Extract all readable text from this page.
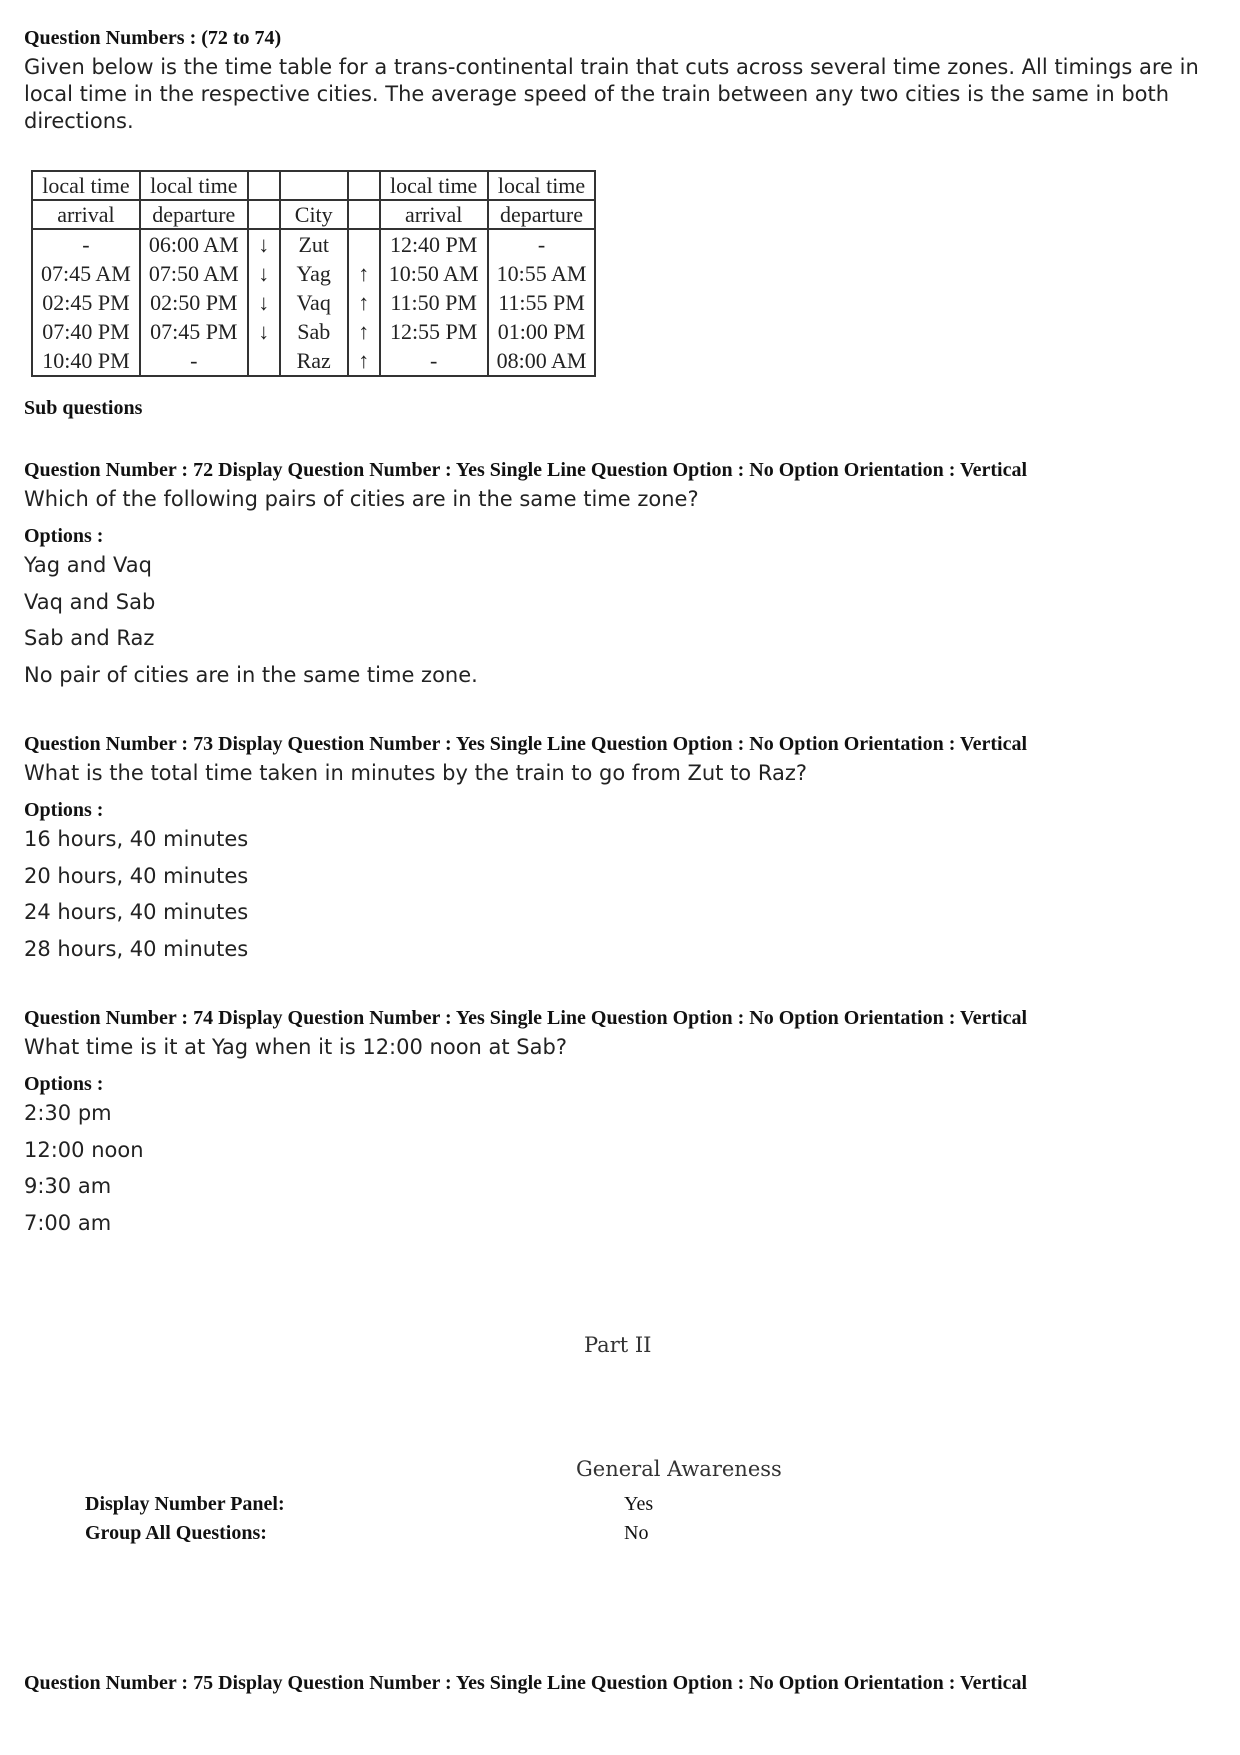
Question Numbers : (72 to 74)
Given below is the time table for a trans-continental train that cuts across several time zones. All timings are in local time in the respective cities. The average speed of the train between any two cities is the same in both directions.
local time	local time				local time	local time
arrival	departure		City		arrival	departure
-	06:00 AM	↓	Zut		12:40 PM	-
07:45 AM	07:50 AM	↓	Yag	↑	10:50 AM	10:55 AM
02:45 PM	02:50 PM	↓	Vaq	↑	11:50 PM	11:55 PM
07:40 PM	07:45 PM	↓	Sab	↑	12:55 PM	01:00 PM
10:40 PM	-		Raz	↑	-	08:00 AM
Sub questions
Question Number : 72 Display Question Number : Yes Single Line Question Option : No Option Orientation : Vertical
Which of the following pairs of cities are in the same time zone?
Options :
Yag and Vaq
Vaq and Sab
Sab and Raz
No pair of cities are in the same time zone.
Question Number : 73 Display Question Number : Yes Single Line Question Option : No Option Orientation : Vertical
What is the total time taken in minutes by the train to go from Zut to Raz?
Options :
16 hours, 40 minutes
20 hours, 40 minutes
24 hours, 40 minutes
28 hours, 40 minutes
Question Number : 74 Display Question Number : Yes Single Line Question Option : No Option Orientation : Vertical
What time is it at Yag when it is 12:00 noon at Sab?
Options :
2:30 pm
12:00 noon
9:30 am
7:00 am
Part II
General Awareness
Display Number Panel:	Yes
Group All Questions:	No
Question Number : 75 Display Question Number : Yes Single Line Question Option : No Option Orientation : Vertical
